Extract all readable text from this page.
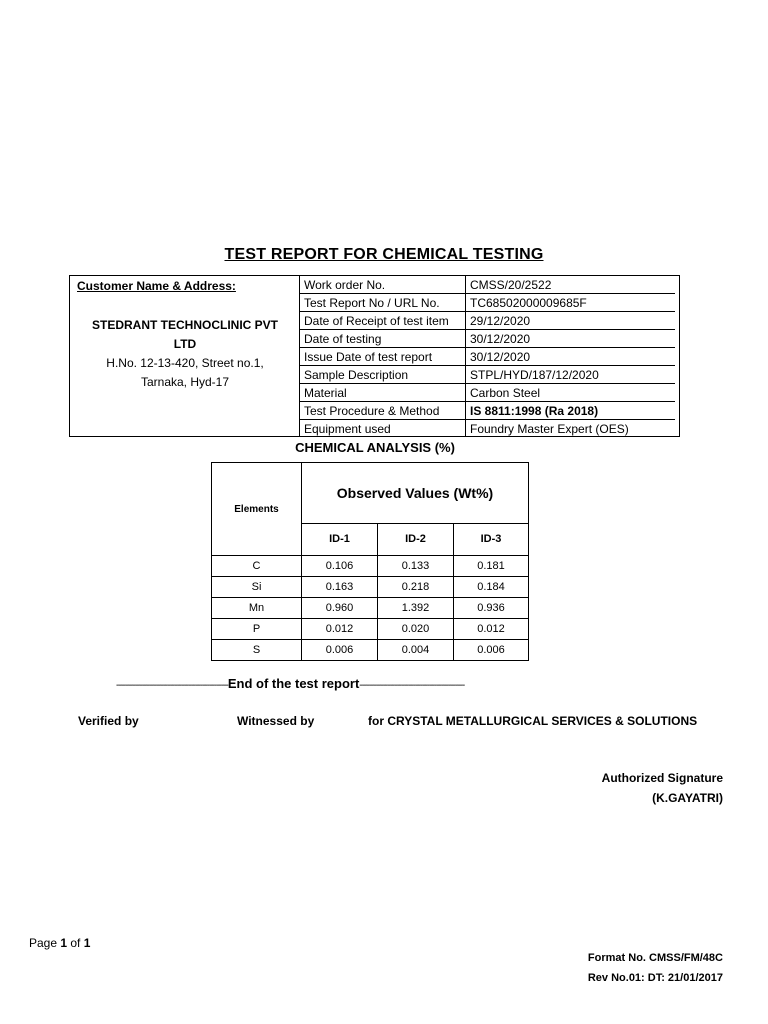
TEST REPORT FOR CHEMICAL TESTING
Customer Name & Address:
STEDRANT TECHNOCLINIC PVT
LTD
H.No. 12-13-420, Street no.1,
Tarnaka, Hyd-17
Work order No.	CMSS/20/2522
Test Report No / URL No.	TC68502000009685F
Date of Receipt of test item	29/12/2020
Date of testing	30/12/2020
Issue Date of test report	30/12/2020
Sample Description	STPL/HYD/187/12/2020
Material	Carbon Steel
Test Procedure & Method	IS 8811:1998 (Ra 2018)
Equipment used	Foundry Master Expert (OES)
CHEMICAL ANALYSIS (%)
Elements	Observed Values (Wt%)		
	ID-1	ID-2	ID-3
C	0.106	0.133	0.181
Si	0.163	0.218	0.184
Mn	0.960	1.392	0.936
P	0.012	0.020	0.012
S	0.006	0.004	0.006
------------------------------------------------End of the test report---------------------------------------------
Verified by	Witnessed by	for CRYSTAL METALLURGICAL SERVICES & SOLUTIONS
Authorized Signature
(K.GAYATRI)
Page 1 of 1
Format No. CMSS/FM/48C
Rev No.01: DT: 21/01/2017
